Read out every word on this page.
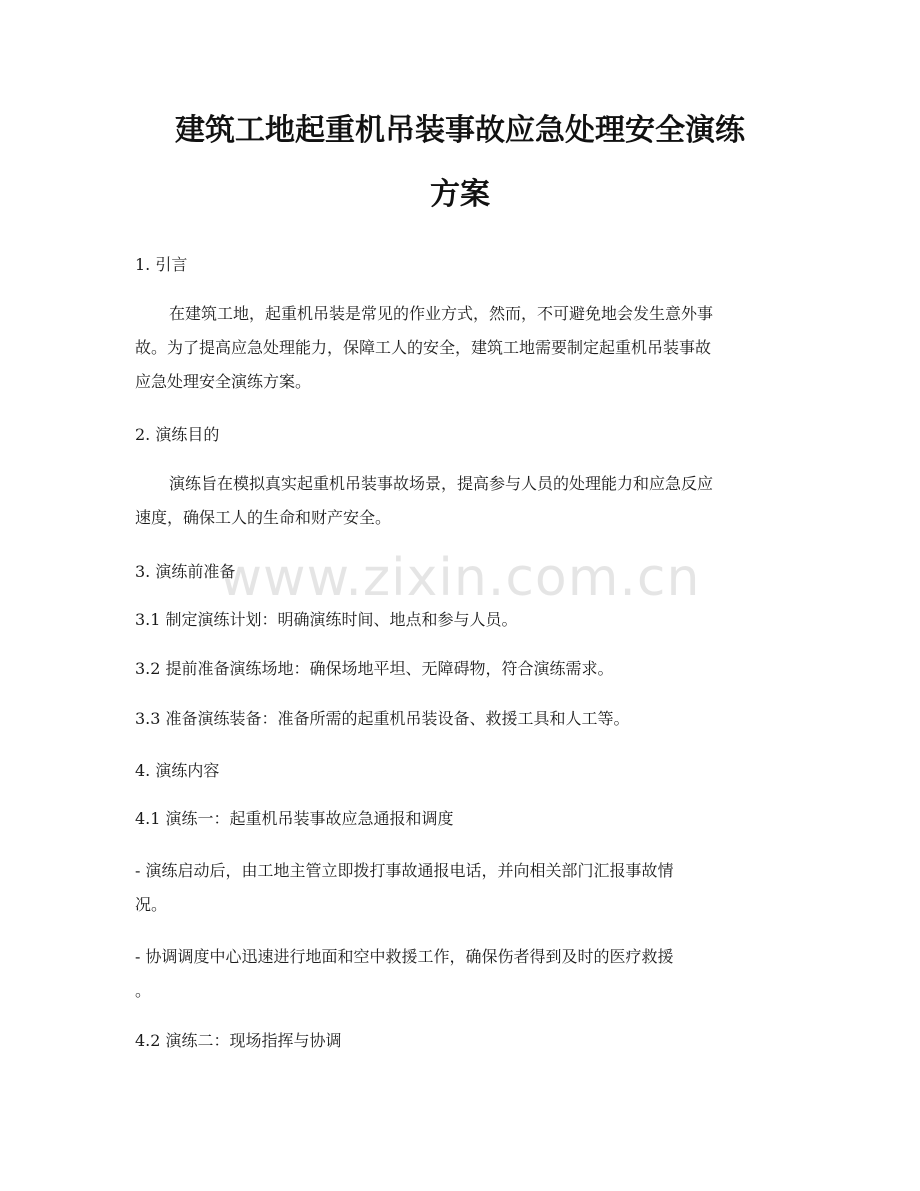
建筑工地起重机吊装事故应急处理安全演练
方案

1. 引言

在建筑工地，起重机吊装是常见的作业方式，然而，不可避免地会发生意外事
故。为了提高应急处理能力，保障工人的安全，建筑工地需要制定起重机吊装事故
应急处理安全演练方案。

2. 演练目的

演练旨在模拟真实起重机吊装事故场景，提高参与人员的处理能力和应急反应
速度，确保工人的生命和财产安全。

3. 演练前准备

3.1 制定演练计划：明确演练时间、地点和参与人员。

3.2 提前准备演练场地：确保场地平坦、无障碍物，符合演练需求。

3.3 准备演练装备：准备所需的起重机吊装设备、救援工具和人工等。

4. 演练内容

4.1 演练一：起重机吊装事故应急通报和调度

- 演练启动后，由工地主管立即拨打事故通报电话，并向相关部门汇报事故情
况。
- 协调调度中心迅速进行地面和空中救援工作，确保伤者得到及时的医疗救援
。

4.2 演练二：现场指挥与协调

www.zixin.com.cn
